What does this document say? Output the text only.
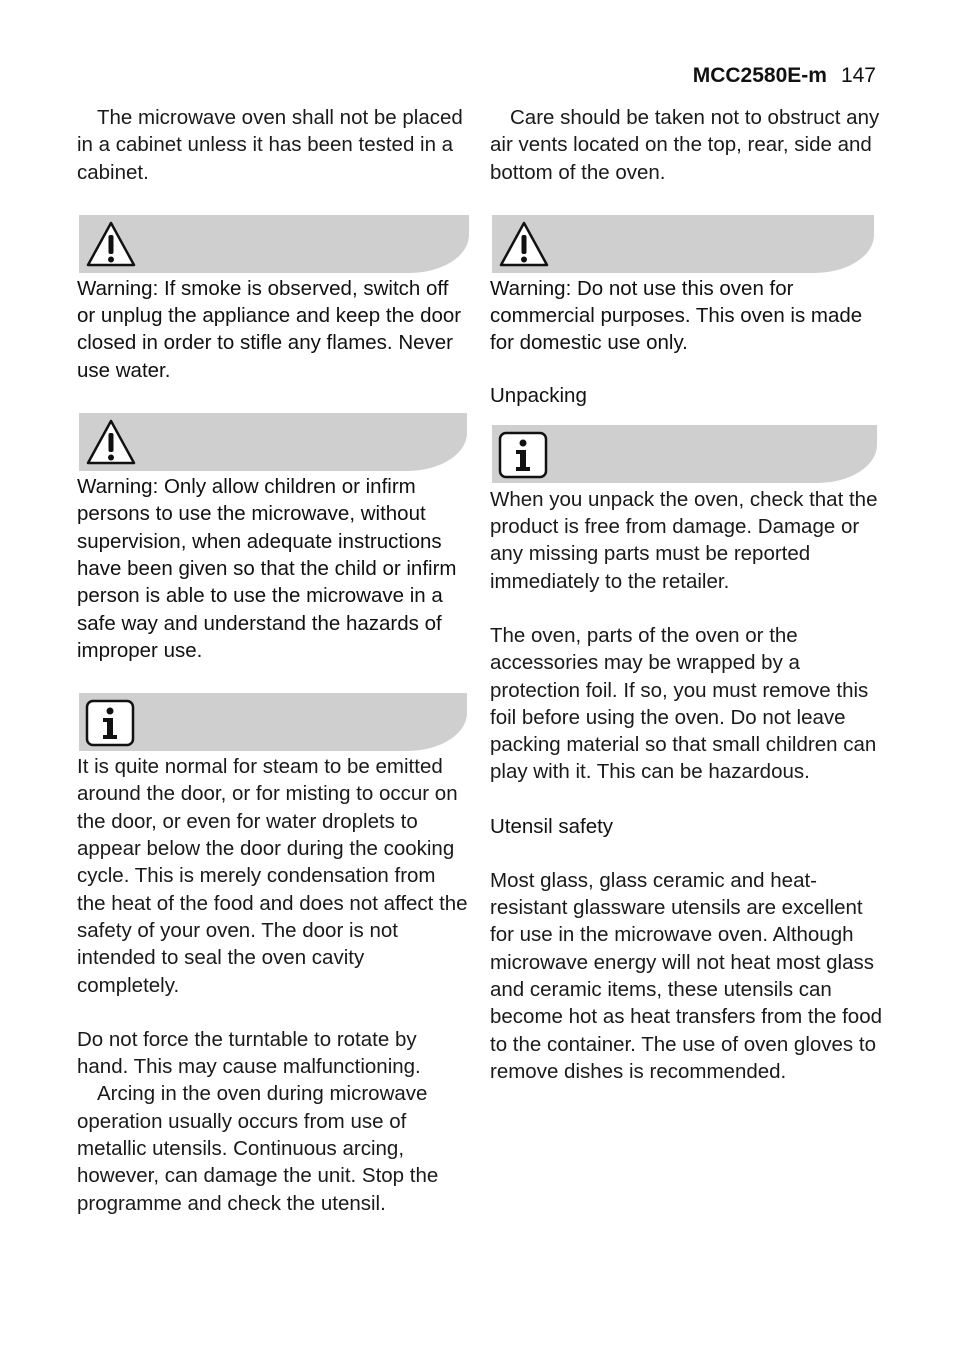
MCC2580E-m 147

The microwave oven shall not be placed in a cabinet unless it has been tested in a cabinet.

Warning: If smoke is observed, switch off or unplug the appliance and keep the door closed in order to stifle any flames. Never use water.

Warning: Only allow children or infirm persons to use the microwave, without supervision, when adequate instructions have been given so that the child or infirm person is able to use the microwave in a safe way and understand the hazards of improper use.

It is quite normal for steam to be emitted around the door, or for misting to occur on the door, or even for water droplets to appear below the door during the cooking cycle. This is merely condensation from the heat of the food and does not affect the safety of your oven. The door is not intended to seal the oven cavity completely.

Do not force the turntable to rotate by hand. This may cause malfunctioning.

Arcing in the oven during microwave operation usually occurs from use of metallic utensils. Continuous arcing, however, can damage the unit. Stop the programme and check the utensil.

Care should be taken not to obstruct any air vents located on the top, rear, side and bottom of the oven.

Warning: Do not use this oven for commercial purposes. This oven is made for domestic use only.

Unpacking

When you unpack the oven, check that the product is free from damage. Damage or any missing parts must be reported immediately to the retailer.

The oven, parts of the oven or the accessories may be wrapped by a protection foil. If so, you must remove this foil before using the oven. Do not leave packing material so that small children can play with it. This can be hazardous.

Utensil safety

Most glass, glass ceramic and heat-resistant glassware utensils are excellent for use in the microwave oven. Although microwave energy will not heat most glass and ceramic items, these utensils can become hot as heat transfers from the food to the container. The use of oven gloves to remove dishes is recommended.
